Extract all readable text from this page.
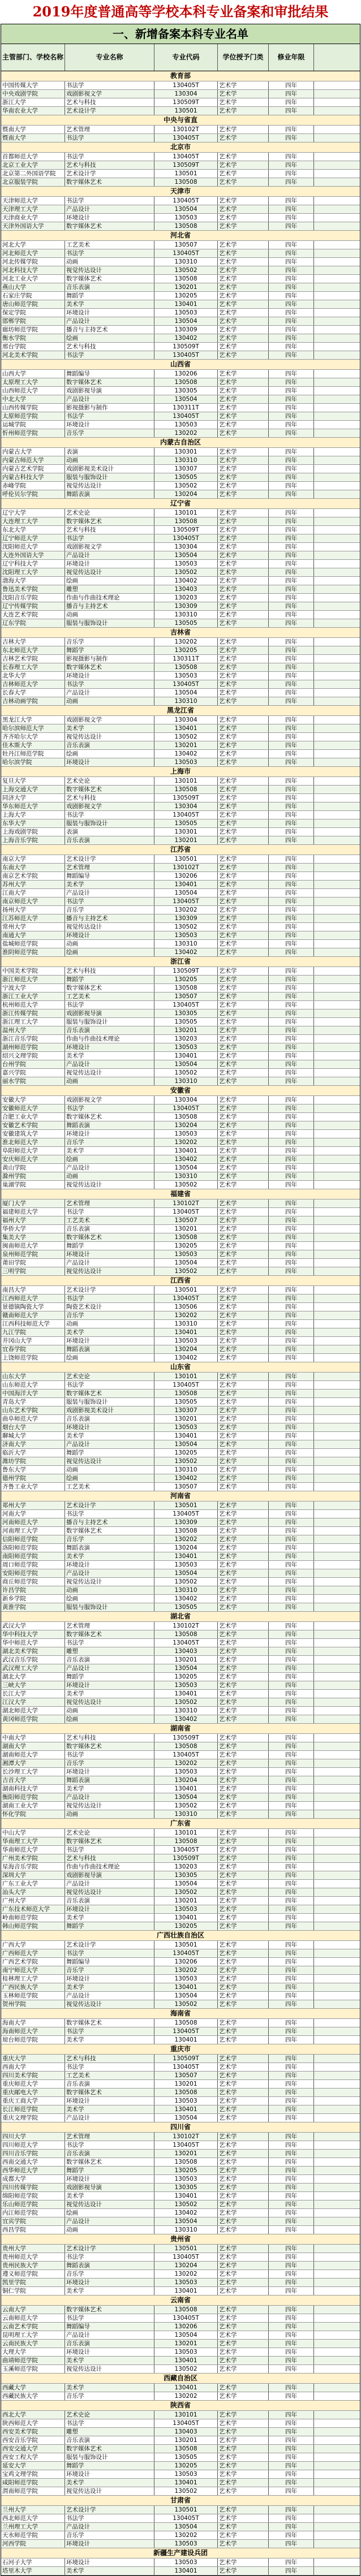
2019年度普通高等学校本科专业备案和审批结果
一、新增备案本科专业名单
主管部门、学校名称	专业名称	专业代码	学位授予门类	修业年限
教育部
中国传媒大学	书法学	130405T	艺术学	四年
中央戏剧学院	戏剧影视文学	130304	艺术学	四年
浙江大学	艺术与科技	130509T	艺术学	四年
华南农业大学	艺术设计学	130501	艺术学	四年
中央与省直
暨南大学	艺术管理	130102T	艺术学	四年
暨南大学	书法学	130405T	艺术学	四年
北京市
首都师范大学	书法学	130405T	艺术学	四年
北京工业大学	艺术与科技	130509T	艺术学	四年
北京第二外国语学院	艺术设计学	130501	艺术学	四年
北京服装学院	数字媒体艺术	130508	艺术学	四年
天津市
天津师范大学	书法学	130405T	艺术学	四年
天津理工大学	产品设计	130504	艺术学	四年
天津商业大学	环境设计	130503	艺术学	四年
天津外国语大学	数字媒体艺术	130508	艺术学	四年
河北省
河北大学	工艺美术	130507	艺术学	四年
河北师范大学	书法学	130405T	艺术学	四年
河北传媒学院	动画	130310	艺术学	四年
河北科技大学	视觉传达设计	130502	艺术学	四年
河北工业大学	数字媒体艺术	130508	艺术学	四年
燕山大学	音乐表演	130201	艺术学	四年
石家庄学院	舞蹈学	130205	艺术学	四年
唐山师范学院	美术学	130401	艺术学	四年
保定学院	环境设计	130503	艺术学	四年
邯郸学院	产品设计	130504	艺术学	四年
廊坊师范学院	播音与主持艺术	130309	艺术学	四年
衡水学院	绘画	130402	艺术学	四年
邢台学院	艺术与科技	130509T	艺术学	四年
河北美术学院	书法学	130405T	艺术学	四年
山西省
山西大学	舞蹈编导	130206	艺术学	四年
太原理工大学	数字媒体艺术	130508	艺术学	四年
山西师范大学	戏剧影视导演	130305	艺术学	四年
中北大学	产品设计	130504	艺术学	四年
山西传媒学院	影视摄影与制作	130311T	艺术学	四年
太原师范学院	书法学	130405T	艺术学	四年
运城学院	环境设计	130503	艺术学	四年
忻州师范学院	音乐学	130202	艺术学	四年
内蒙古自治区
内蒙古大学	表演	130301	艺术学	四年
内蒙古师范大学	动画	130310	艺术学	四年
内蒙古艺术学院	戏剧影视美术设计	130307	艺术学	四年
内蒙古科技大学	服装与服饰设计	130505	艺术学	四年
赤峰学院	视觉传达设计	130502	艺术学	四年
呼伦贝尔学院	舞蹈表演	130204	艺术学	四年
辽宁省
辽宁大学	艺术史论	130101	艺术学	四年
大连理工大学	数字媒体艺术	130508	艺术学	四年
东北大学	艺术与科技	130509T	艺术学	四年
辽宁师范大学	书法学	130405T	艺术学	四年
沈阳师范大学	戏剧影视文学	130304	艺术学	四年
大连外国语大学	产品设计	130504	艺术学	四年
辽宁科技大学	环境设计	130503	艺术学	四年
沈阳理工大学	视觉传达设计	130502	艺术学	四年
渤海大学	绘画	130402	艺术学	四年
鲁迅美术学院	雕塑	130403	艺术学	四年
沈阳音乐学院	作曲与作曲技术理论	130203	艺术学	四年
辽宁传媒学院	播音与主持艺术	130309	艺术学	四年
大连艺术学院	动画	130310	艺术学	四年
辽东学院	服装与服饰设计	130505	艺术学	四年
吉林省
吉林大学	音乐学	130202	艺术学	四年
东北师范大学	舞蹈学	130205	艺术学	四年
吉林艺术学院	影视摄影与制作	130311T	艺术学	四年
长春理工大学	数字媒体艺术	130508	艺术学	四年
北华大学	环境设计	130503	艺术学	四年
吉林师范大学	书法学	130405T	艺术学	四年
长春大学	产品设计	130504	艺术学	四年
吉林动画学院	动画	130310	艺术学	四年
黑龙江省
黑龙江大学	戏剧影视文学	130304	艺术学	四年
哈尔滨师范大学	美术学	130401	艺术学	四年
齐齐哈尔大学	视觉传达设计	130502	艺术学	四年
佳木斯大学	音乐表演	130201	艺术学	四年
牡丹江师范学院	绘画	130402	艺术学	四年
哈尔滨学院	环境设计	130503	艺术学	四年
上海市
复旦大学	艺术史论	130101	艺术学	四年
上海交通大学	数字媒体艺术	130508	艺术学	四年
同济大学	艺术与科技	130509T	艺术学	四年
华东师范大学	戏剧影视文学	130304	艺术学	四年
上海大学	书法学	130405T	艺术学	四年
东华大学	服装与服饰设计	130505	艺术学	四年
上海戏剧学院	表演	130301	艺术学	四年
上海音乐学院	音乐表演	130201	艺术学	四年
江苏省
南京大学	艺术设计学	130501	艺术学	四年
东南大学	艺术管理	130102T	艺术学	四年
南京艺术学院	舞蹈编导	130206	艺术学	四年
苏州大学	美术学	130401	艺术学	四年
江南大学	产品设计	130504	艺术学	四年
南京师范大学	书法学	130405T	艺术学	四年
扬州大学	音乐学	130202	艺术学	四年
江苏师范大学	播音与主持艺术	130309	艺术学	四年
常州大学	视觉传达设计	130502	艺术学	四年
南通大学	环境设计	130503	艺术学	四年
盐城师范学院	动画	130310	艺术学	四年
淮阴师范学院	绘画	130402	艺术学	四年
浙江省
中国美术学院	艺术与科技	130509T	艺术学	四年
浙江师范大学	舞蹈学	130205	艺术学	四年
宁波大学	数字媒体艺术	130508	艺术学	四年
浙江工业大学	工艺美术	130507	艺术学	四年
杭州师范大学	书法学	130405T	艺术学	四年
浙江传媒学院	戏剧影视导演	130305	艺术学	四年
浙江理工大学	服装与服饰设计	130505	艺术学	四年
温州大学	音乐表演	130201	艺术学	四年
浙江音乐学院	作曲与作曲技术理论	130203	艺术学	四年
湖州师范学院	环境设计	130503	艺术学	四年
绍兴文理学院	美术学	130401	艺术学	四年
台州学院	产品设计	130504	艺术学	四年
嘉兴学院	视觉传达设计	130502	艺术学	四年
丽水学院	动画	130310	艺术学	四年
安徽省
安徽大学	戏剧影视文学	130304	艺术学	四年
安徽师范大学	书法学	130405T	艺术学	四年
合肥工业大学	数字媒体艺术	130508	艺术学	四年
安徽艺术学院	舞蹈表演	130204	艺术学	四年
安徽建筑大学	环境设计	130503	艺术学	四年
淮北师范大学	音乐学	130202	艺术学	四年
阜阳师范大学	美术学	130401	艺术学	四年
安庆师范大学	绘画	130402	艺术学	四年
黄山学院	产品设计	130504	艺术学	四年
滁州学院	动画	130310	艺术学	四年
巢湖学院	视觉传达设计	130502	艺术学	四年
福建省
厦门大学	艺术管理	130102T	艺术学	四年
福建师范大学	书法学	130405T	艺术学	四年
福州大学	工艺美术	130507	艺术学	四年
华侨大学	音乐表演	130201	艺术学	四年
集美大学	数字媒体艺术	130508	艺术学	四年
闽南师范大学	舞蹈学	130205	艺术学	四年
泉州师范学院	环境设计	130503	艺术学	四年
莆田学院	产品设计	130504	艺术学	四年
三明学院	视觉传达设计	130502	艺术学	四年
江西省
南昌大学	艺术设计学	130501	艺术学	四年
江西师范大学	书法学	130405T	艺术学	四年
景德镇陶瓷大学	陶瓷艺术设计	130506	艺术学	四年
赣南师范大学	音乐学	130202	艺术学	四年
江西科技师范大学	动画	130310	艺术学	四年
九江学院	美术学	130401	艺术学	四年
井冈山大学	环境设计	130503	艺术学	四年
宜春学院	舞蹈表演	130204	艺术学	四年
上饶师范学院	绘画	130402	艺术学	四年
山东省
山东大学	艺术史论	130101	艺术学	四年
山东师范大学	书法学	130405T	艺术学	四年
中国海洋大学	数字媒体艺术	130508	艺术学	四年
青岛大学	服装与服饰设计	130505	艺术学	四年
山东艺术学院	戏剧影视美术设计	130307	艺术学	四年
曲阜师范大学	音乐表演	130201	艺术学	四年
烟台大学	环境设计	130503	艺术学	四年
聊城大学	美术学	130401	艺术学	四年
济南大学	产品设计	130504	艺术学	四年
临沂大学	舞蹈学	130205	艺术学	四年
潍坊学院	视觉传达设计	130502	艺术学	四年
鲁东大学	动画	130310	艺术学	四年
德州学院	绘画	130402	艺术学	四年
齐鲁工业大学	工艺美术	130507	艺术学	四年
河南省
郑州大学	艺术设计学	130501	艺术学	四年
河南大学	书法学	130405T	艺术学	四年
河南师范大学	播音与主持艺术	130309	艺术学	四年
河南理工大学	数字媒体艺术	130508	艺术学	四年
信阳师范学院	音乐学	130202	艺术学	四年
洛阳师范学院	舞蹈表演	130204	艺术学	四年
南阳师范学院	美术学	130401	艺术学	四年
周口师范学院	环境设计	130503	艺术学	四年
安阳师范学院	产品设计	130504	艺术学	四年
商丘师范学院	视觉传达设计	130502	艺术学	四年
许昌学院	动画	130310	艺术学	四年
新乡学院	绘画	130402	艺术学	四年
黄淮学院	服装与服饰设计	130505	艺术学	四年
湖北省
武汉大学	艺术管理	130102T	艺术学	四年
华中科技大学	数字媒体艺术	130508	艺术学	四年
华中师范大学	书法学	130405T	艺术学	四年
湖北美术学院	雕塑	130403	艺术学	四年
武汉音乐学院	音乐表演	130201	艺术学	四年
武汉理工大学	产品设计	130504	艺术学	四年
湖北大学	舞蹈学	130205	艺术学	四年
三峡大学	环境设计	130503	艺术学	四年
长江大学	美术学	130401	艺术学	四年
江汉大学	视觉传达设计	130502	艺术学	四年
湖北师范大学	动画	130310	艺术学	四年
黄冈师范学院	绘画	130402	艺术学	四年
湖南省
中南大学	艺术与科技	130509T	艺术学	四年
湖南大学	数字媒体艺术	130508	艺术学	四年
湖南师范大学	书法学	130405T	艺术学	四年
湘潭大学	音乐学	130202	艺术学	四年
长沙理工大学	环境设计	130503	艺术学	四年
吉首大学	舞蹈表演	130204	艺术学	四年
湖南科技大学	美术学	130401	艺术学	四年
衡阳师范学院	产品设计	130504	艺术学	四年
湖南工业大学	视觉传达设计	130502	艺术学	四年
怀化学院	动画	130310	艺术学	四年
广东省
中山大学	艺术史论	130101	艺术学	四年
华南理工大学	数字媒体艺术	130508	艺术学	四年
华南师范大学	书法学	130405T	艺术学	四年
广州美术学院	艺术与科技	130509T	艺术学	四年
星海音乐学院	作曲与作曲技术理论	130203	艺术学	四年
深圳大学	戏剧影视导演	130305	艺术学	四年
广东工业大学	产品设计	130504	艺术学	四年
汕头大学	视觉传达设计	130502	艺术学	四年
广州大学	音乐表演	130201	艺术学	四年
广东技术师范大学	环境设计	130503	艺术学	四年
岭南师范学院	美术学	130401	艺术学	四年
韩山师范学院	舞蹈学	130205	艺术学	四年
广西壮族自治区
广西大学	艺术设计学	130501	艺术学	四年
广西师范大学	书法学	130405T	艺术学	四年
广西艺术学院	舞蹈编导	130206	艺术学	四年
南宁师范大学	音乐学	130202	艺术学	四年
桂林理工大学	环境设计	130503	艺术学	四年
广西民族大学	美术学	130401	艺术学	四年
玉林师范学院	产品设计	130504	艺术学	四年
贺州学院	视觉传达设计	130502	艺术学	四年
海南省
海南大学	数字媒体艺术	130508	艺术学	四年
海南师范大学	书法学	130405T	艺术学	四年
琼台师范学院	美术学	130401	艺术学	四年
重庆市
重庆大学	艺术与科技	130509T	艺术学	四年
西南大学	书法学	130405T	艺术学	四年
四川美术学院	工艺美术	130507	艺术学	四年
重庆师范大学	音乐表演	130201	艺术学	四年
重庆邮电大学	数字媒体艺术	130508	艺术学	四年
重庆工商大学	环境设计	130503	艺术学	四年
长江师范学院	美术学	130401	艺术学	四年
重庆文理学院	产品设计	130504	艺术学	四年
四川省
四川大学	艺术管理	130102T	艺术学	四年
四川师范大学	书法学	130405T	艺术学	四年
四川音乐学院	音乐表演	130201	艺术学	四年
西南交通大学	数字媒体艺术	130508	艺术学	四年
西华师范大学	舞蹈学	130205	艺术学	四年
成都大学	环境设计	130503	艺术学	四年
四川传媒学院	戏剧影视导演	130305	艺术学	四年
绵阳师范学院	美术学	130401	艺术学	四年
乐山师范学院	视觉传达设计	130502	艺术学	四年
内江师范学院	绘画	130402	艺术学	四年
宜宾学院	产品设计	130504	艺术学	四年
西昌学院	动画	130310	艺术学	四年
贵州省
贵州大学	艺术设计学	130501	艺术学	四年
贵州师范大学	书法学	130405T	艺术学	四年
贵州民族大学	舞蹈表演	130204	艺术学	四年
遵义师范学院	音乐学	130202	艺术学	四年
凯里学院	环境设计	130503	艺术学	四年
铜仁学院	美术学	130401	艺术学	四年
云南省
云南大学	数字媒体艺术	130508	艺术学	四年
云南师范大学	书法学	130405T	艺术学	四年
云南艺术学院	舞蹈编导	130206	艺术学	四年
昆明理工大学	产品设计	130504	艺术学	四年
云南民族大学	音乐表演	130201	艺术学	四年
大理大学	环境设计	130503	艺术学	四年
曲靖师范学院	美术学	130401	艺术学	四年
玉溪师范学院	视觉传达设计	130502	艺术学	四年
西藏自治区
西藏大学	美术学	130401	艺术学	四年
西藏民族大学	音乐学	130202	艺术学	四年
陕西省
西北大学	艺术史论	130101	艺术学	四年
陕西师范大学	书法学	130405T	艺术学	四年
西安美术学院	雕塑	130403	艺术学	四年
西安音乐学院	音乐表演	130201	艺术学	四年
西安交通大学	数字媒体艺术	130508	艺术学	四年
西安工程大学	服装与服饰设计	130505	艺术学	四年
延安大学	舞蹈学	130205	艺术学	四年
宝鸡文理学院	环境设计	130503	艺术学	四年
咸阳师范学院	美术学	130401	艺术学	四年
渭南师范学院	视觉传达设计	130502	艺术学	四年
甘肃省
兰州大学	艺术设计学	130501	艺术学	四年
西北师范大学	书法学	130405T	艺术学	四年
兰州理工大学	产品设计	130504	艺术学	四年
天水师范学院	音乐学	130202	艺术学	四年
河西学院	环境设计	130503	艺术学	四年
新疆生产建设兵团
石河子大学	环境设计	130503	艺术学	四年
塔里木大学	美术学	130401	艺术学	四年
